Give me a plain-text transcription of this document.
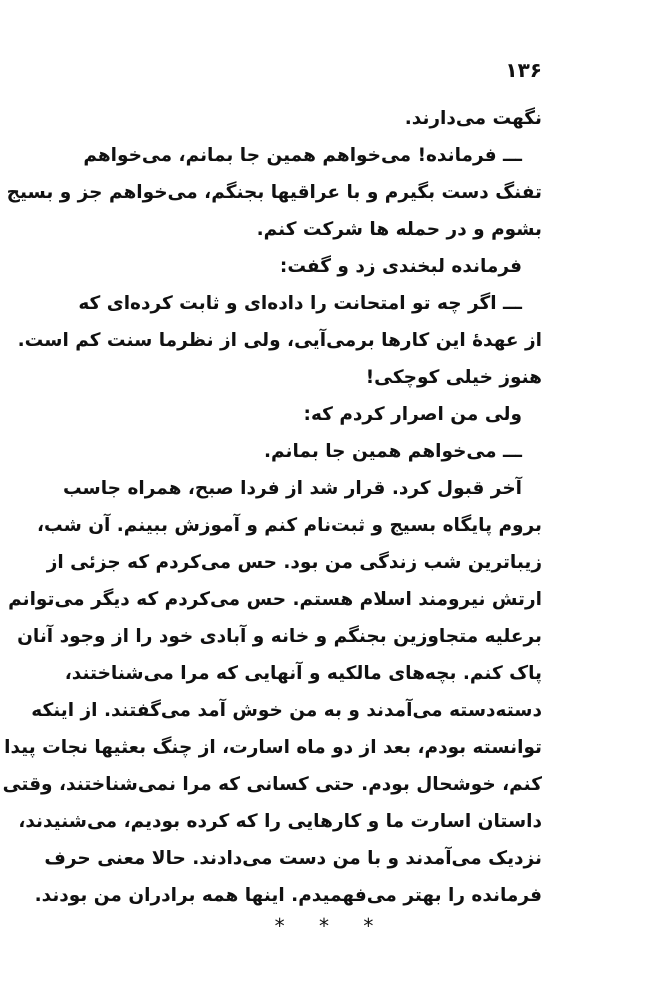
۱۳۶
نگهت می‌دارند.
ـــ فرمانده! می‌خواهم همین جا بمانم، می‌خواهم
تفنگ دست بگیرم و با عراقیها بجنگم، می‌خواهم جز و بسیج
بشوم و در حمله ها شرکت کنم.
فرمانده لبخندی زد و گفت:
ـــ اگر چه تو امتحانت را داده‌ای و ثابت کرده‌ای که
از عهدهٔ این کارها برمی‌آیی، ولی از نظرما سنت کم است.
هنوز خیلی کوچکی!
ولی من اصرار کردم که:
ـــ می‌خواهم همین جا بمانم.
آخر قبول کرد. قرار شد از فردا صبح، همراه جاسب
بروم پایگاه بسیج و ثبت‌نام کنم و آموزش ببینم. آن شب،
زیباترین شب زندگی من بود. حس می‌کردم که جزئی از
ارتش نیرومند اسلام هستم. حس می‌کردم که دیگر می‌توانم
برعلیه متجاوزین بجنگم و خانه و آبادی خود را از وجود آنان
پاک کنم. بچه‌های مالکیه و آنهایی که مرا می‌شناختند،
دسته‌دسته می‌آمدند و به من خوش آمد می‌گفتند. از اینکه
توانسته بودم، بعد از دو ماه اسارت، از چنگ بعثیها نجات پیدا
کنم، خوشحال بودم. حتی کسانی که مرا نمی‌شناختند، وقتی
داستان اسارت ما و کارهایی را که کرده بودیم، می‌شنیدند،
نزدیک می‌آمدند و با من دست می‌دادند. حالا معنی حرف
فرمانده را بهتر می‌فهمیدم. اینها همه برادران من بودند.
* * *
